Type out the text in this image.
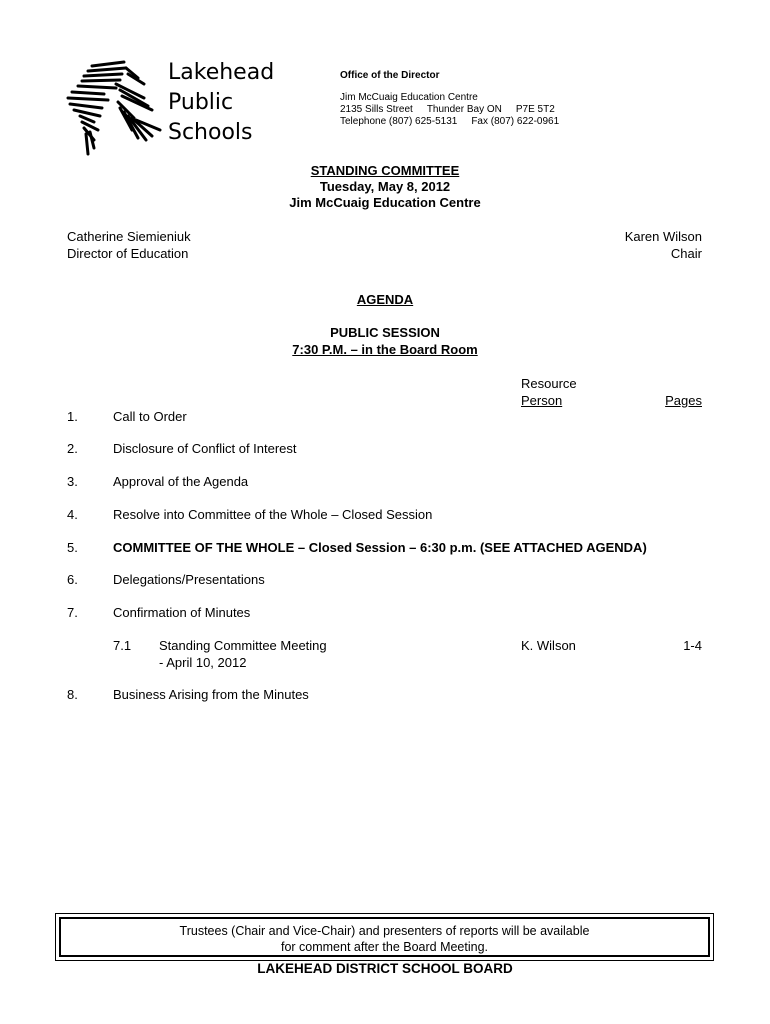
Lakehead
Public
Schools
Office of the Director
Jim McCuaig Education Centre
2135 Sills Street Thunder Bay ON P7E 5T2
Telephone (807) 625-5131 Fax (807) 622-0961
STANDING COMMITTEE
Tuesday, May 8, 2012
Jim McCuaig Education Centre
Catherine Siemieniuk
Director of Education
Karen Wilson
Chair
AGENDA
PUBLIC SESSION
7:30 P.M. – in the Board Room
Resource
Person	Pages
1.	Call to Order
2.	Disclosure of Conflict of Interest
3.	Approval of the Agenda
4.	Resolve into Committee of the Whole – Closed Session
5.	COMMITTEE OF THE WHOLE – Closed Session – 6:30 p.m. (SEE ATTACHED AGENDA)
6.	Delegations/Presentations
7.	Confirmation of Minutes
7.1 Standing Committee Meeting
- April 10, 2012
K. Wilson	1-4
8.	Business Arising from the Minutes
Trustees (Chair and Vice-Chair) and presenters of reports will be available
for comment after the Board Meeting.
LAKEHEAD DISTRICT SCHOOL BOARD
